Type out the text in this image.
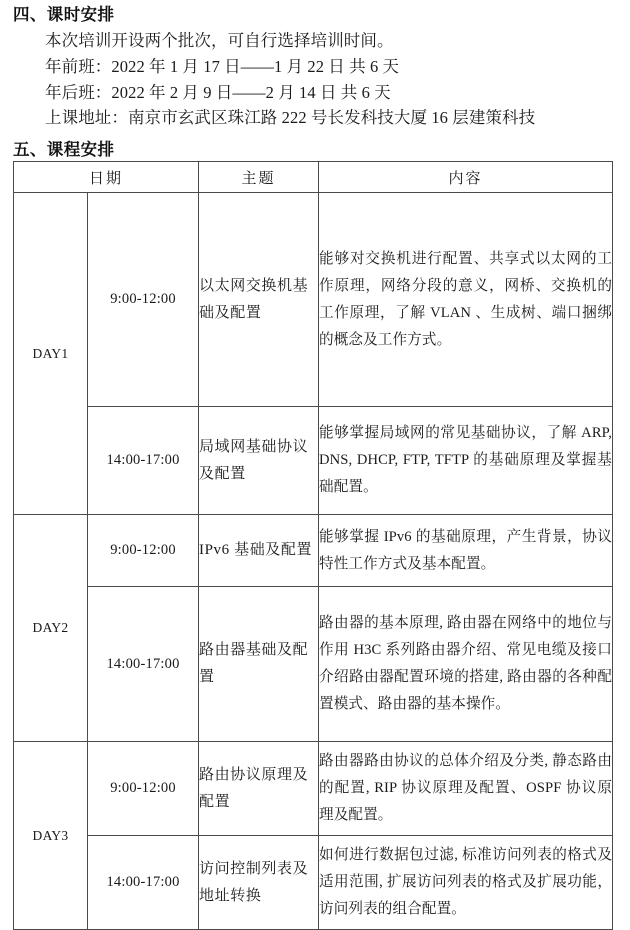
四、课时安排
本次培训开设两个批次，可自行选择培训时间。
年前班：2022 年 1 月 17 日——1 月 22 日 共 6 天
年后班：2022 年 2 月 9 日——2 月 14 日 共 6 天
上课地址：南京市玄武区珠江路 222 号长发科技大厦 16 层建策科技
五、课程安排
日期		主题	内容
DAY1	9:00-12:00	以太网交换机基础及配置	能够对交换机进行配置、共享式以太网的工作原理，网络分段的意义，网桥、交换机的工作原理，了解 VLAN 、生成树、端口捆绑的概念及工作方式。
	14:00-17:00	局域网基础协议及配置	能够掌握局域网的常见基础协议，了解 ARP, DNS, DHCP, FTP, TFTP 的基础原理及掌握基础配置。
DAY2	9:00-12:00	IPv6 基础及配置	能够掌握 IPv6 的基础原理，产生背景，协议特性工作方式及基本配置。
	14:00-17:00	路由器基础及配置	路由器的基本原理, 路由器在网络中的地位与作用 H3C 系列路由器介绍、常见电缆及接口介绍路由器配置环境的搭建, 路由器的各种配置模式、路由器的基本操作。
DAY3	9:00-12:00	路由协议原理及配置	路由器路由协议的总体介绍及分类, 静态路由的配置, RIP 协议原理及配置、OSPF 协议原理及配置。
	14:00-17:00	访问控制列表及地址转换	如何进行数据包过滤, 标准访问列表的格式及适用范围, 扩展访问列表的格式及扩展功能，访问列表的组合配置。
